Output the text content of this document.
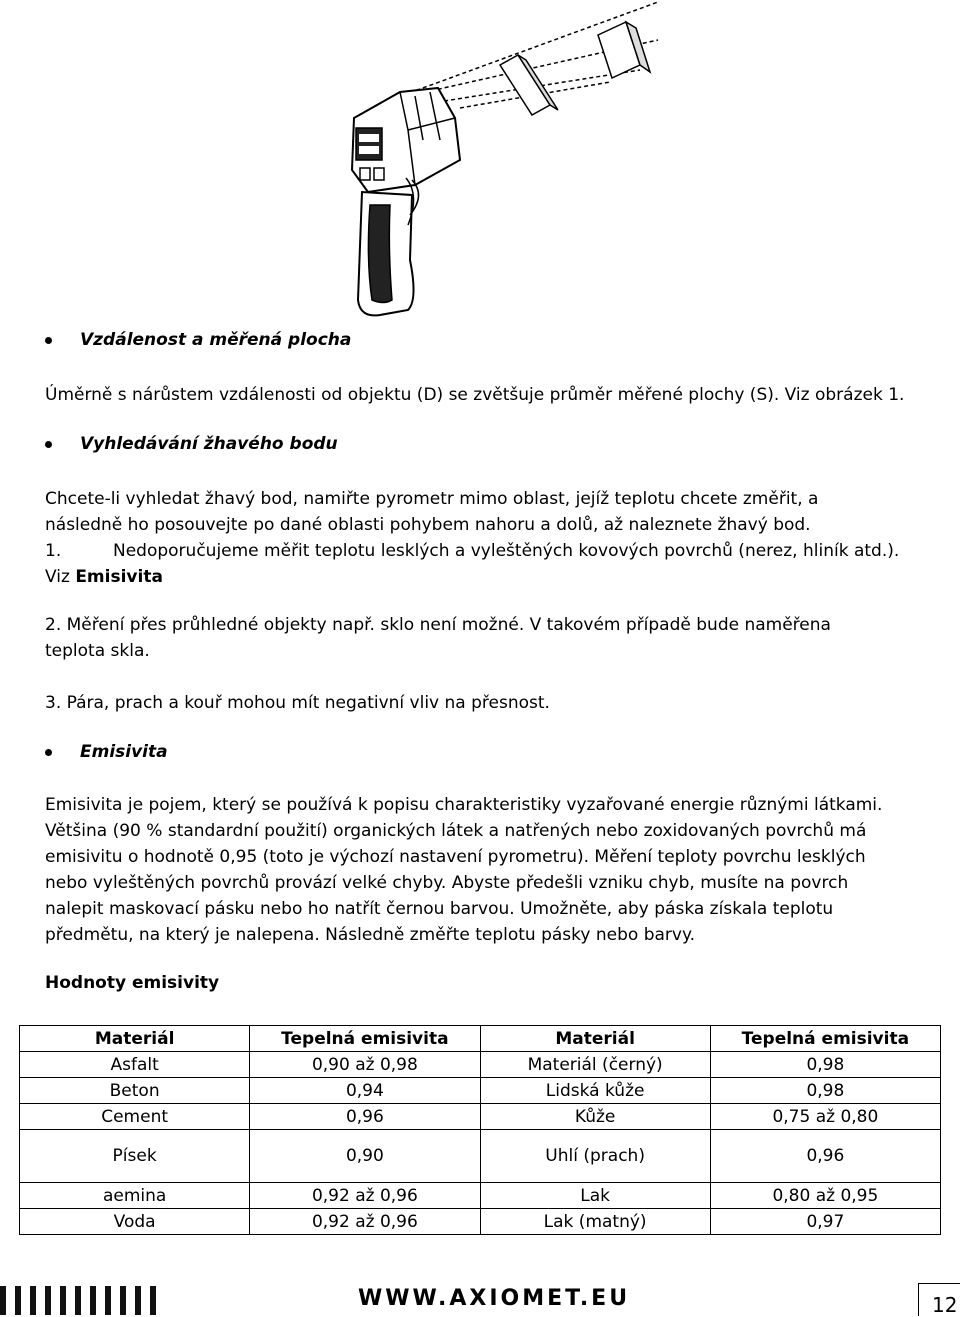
Vzdálenost a měřená plocha
Úměrně s nárůstem vzdálenosti od objektu (D) se zvětšuje průměr měřené plochy (S). Viz obrázek 1.
Vyhledávání žhavého bodu
Chcete-li vyhledat žhavý bod, namiřte pyrometr mimo oblast, jejíž teplotu chcete změřit, a
následně ho posouvejte po dané oblasti pohybem nahoru a dolů, až naleznete žhavý bod.
1.	Nedoporučujeme měřit teplotu lesklých a vyleštěných kovových povrchů (nerez, hliník atd.).
Viz Emisivita
2. Měření přes průhledné objekty např. sklo není možné. V takovém případě bude naměřena
teplota skla.
3. Pára, prach a kouř mohou mít negativní vliv na přesnost.
Emisivita
Emisivita je pojem, který se používá k popisu charakteristiky vyzařované energie různými látkami.
Většina (90 % standardní použití) organických látek a natřených nebo zoxidovaných povrchů má
emisivitu o hodnotě 0,95 (toto je výchozí nastavení pyrometru). Měření teploty povrchu lesklých
nebo vyleštěných povrchů provází velké chyby. Abyste předešli vzniku chyb, musíte na povrch
nalepit maskovací pásku nebo ho natřít černou barvou. Umožněte, aby páska získala teplotu
předmětu, na který je nalepena. Následně změřte teplotu pásky nebo barvy.
Hodnoty emisivity
Materiál	Tepelná emisivita	Materiál	Tepelná emisivita
Asfalt	0,90 až 0,98	Materiál (černý)	0,98
Beton	0,94	Lidská kůže	0,98
Cement	0,96	Kůže	0,75 až 0,80
Písek	0,90	Uhlí (prach)	0,96
aemina	0,92 až 0,96	Lak	0,80 až 0,95
Voda	0,92 až 0,96	Lak (matný)	0,97
WWW.AXIOMET.EU	12
